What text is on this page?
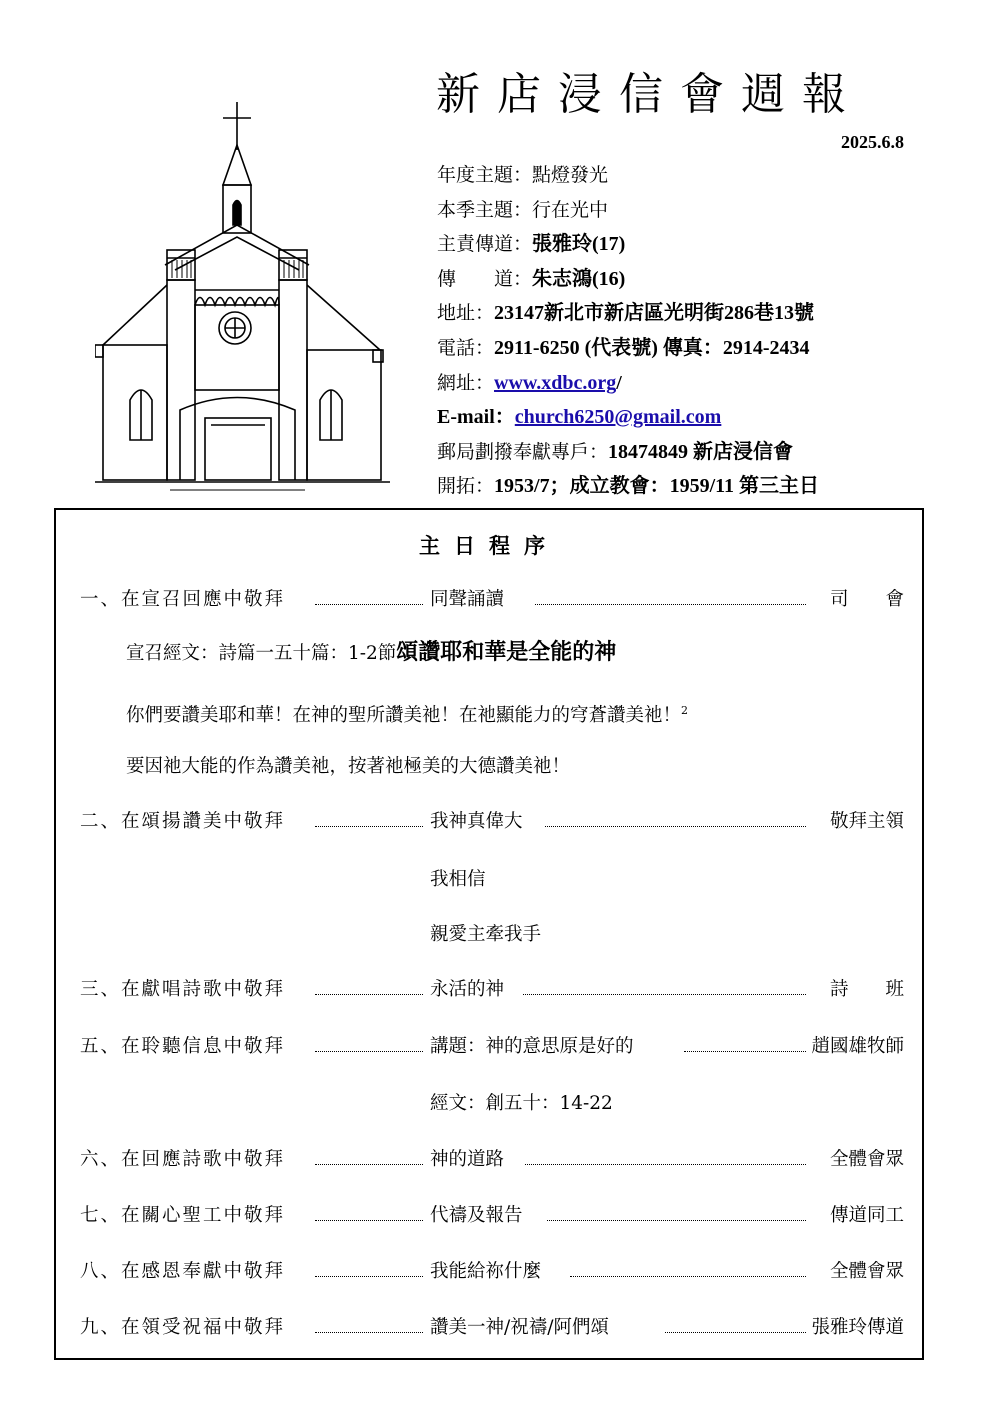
新店浸信會週報
2025.6.8
年度主題：點燈發光
本季主題：行在光中
主責傳道：張雅玲(17)
傳　　道：朱志鴻(16)
地址：23147新北市新店區光明街286巷13號
電話：2911-6250 (代表號) 傳真：2914-2434
網址：www.xdbc.org/
E-mail：church6250@gmail.com
郵局劃撥奉獻專戶：18474849 新店浸信會
開拓：1953/7；成立教會：1959/11 第三主日
主日程序
一、在宣召回應中敬拜	同聲誦讀	司　　會
宣召經文：詩篇一五十篇：1-2節頌讚耶和華是全能的神
你們要讚美耶和華！在神的聖所讚美祂！在祂顯能力的穹蒼讚美祂！$^2$
要因祂大能的作為讚美祂，按著祂極美的大德讚美祂！
二、在頌揚讚美中敬拜	我神真偉大	敬拜主領
我相信
親愛主牽我手
三、在獻唱詩歌中敬拜	永活的神	詩　　班
五、在聆聽信息中敬拜	講題：神的意思原是好的	趙國雄牧師
經文：創五十：14-22
六、在回應詩歌中敬拜	神的道路	全體會眾
七、在關心聖工中敬拜	代禱及報告	傳道同工
八、在感恩奉獻中敬拜	我能給祢什麼	全體會眾
九、在領受祝福中敬拜	讚美一神/祝禱/阿們頌	張雅玲傳道
